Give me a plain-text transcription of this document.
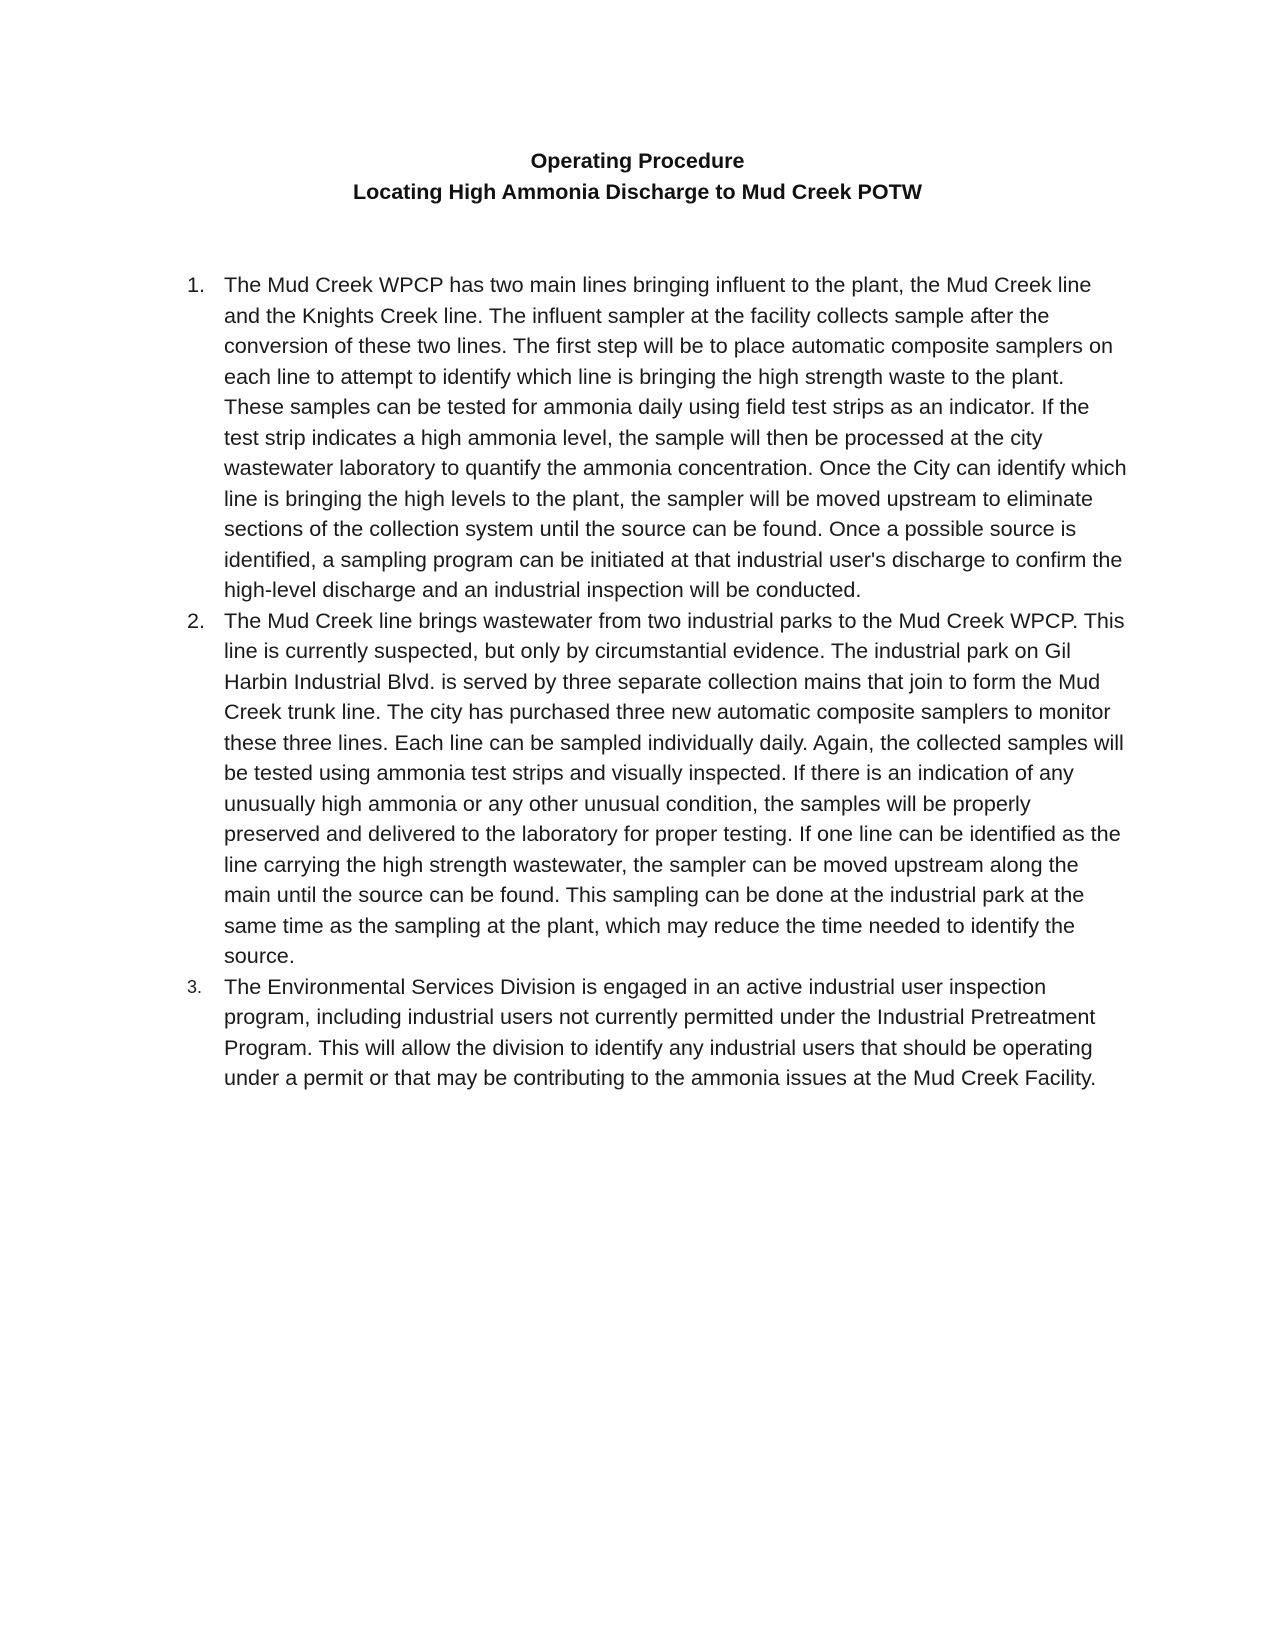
Operating Procedure
Locating High Ammonia Discharge to Mud Creek POTW
1. The Mud Creek WPCP has two main lines bringing influent to the plant, the Mud Creek line and the Knights Creek line. The influent sampler at the facility collects sample after the conversion of these two lines. The first step will be to place automatic composite samplers on each line to attempt to identify which line is bringing the high strength waste to the plant. These samples can be tested for ammonia daily using field test strips as an indicator. If the test strip indicates a high ammonia level, the sample will then be processed at the city wastewater laboratory to quantify the ammonia concentration. Once the City can identify which line is bringing the high levels to the plant, the sampler will be moved upstream to eliminate sections of the collection system until the source can be found. Once a possible source is identified, a sampling program can be initiated at that industrial user's discharge to confirm the high-level discharge and an industrial inspection will be conducted.
2. The Mud Creek line brings wastewater from two industrial parks to the Mud Creek WPCP. This line is currently suspected, but only by circumstantial evidence. The industrial park on Gil Harbin Industrial Blvd. is served by three separate collection mains that join to form the Mud Creek trunk line. The city has purchased three new automatic composite samplers to monitor these three lines. Each line can be sampled individually daily. Again, the collected samples will be tested using ammonia test strips and visually inspected. If there is an indication of any unusually high ammonia or any other unusual condition, the samples will be properly preserved and delivered to the laboratory for proper testing. If one line can be identified as the line carrying the high strength wastewater, the sampler can be moved upstream along the main until the source can be found. This sampling can be done at the industrial park at the same time as the sampling at the plant, which may reduce the time needed to identify the source.
3.	The Environmental Services Division is engaged in an active industrial user inspection program, including industrial users not currently permitted under the Industrial Pretreatment Program. This will allow the division to identify any industrial users that should be operating under a permit or that may be contributing to the ammonia issues at the Mud Creek Facility.
